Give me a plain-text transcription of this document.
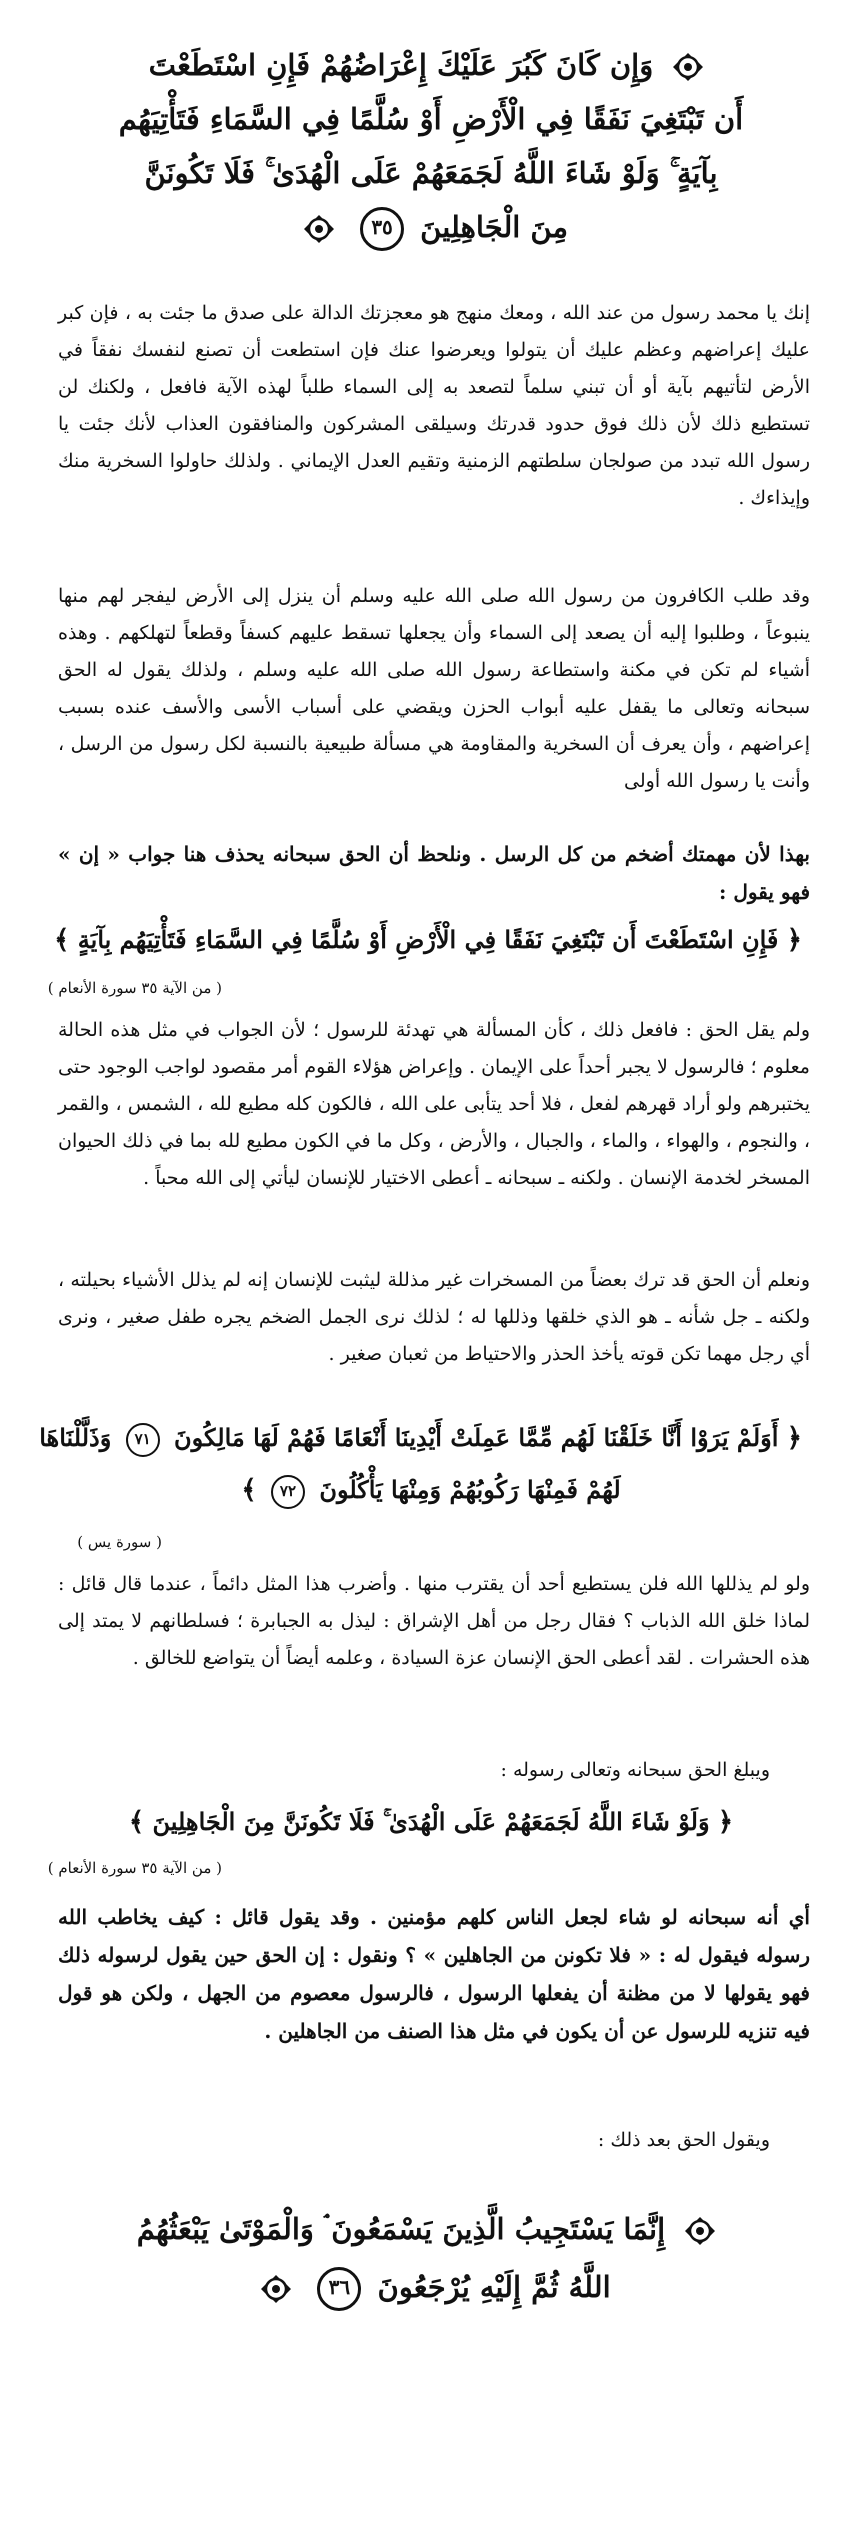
وَإِن كَانَ كَبُرَ عَلَيْكَ إِعْرَاضُهُمْ فَإِنِ اسْتَطَعْتَ
أَن تَبْتَغِيَ نَفَقًا فِي الْأَرْضِ أَوْ سُلَّمًا فِي السَّمَاءِ فَتَأْتِيَهُم
بِآيَةٍ ۚ وَلَوْ شَاءَ اللَّهُ لَجَمَعَهُمْ عَلَى الْهُدَىٰ ۚ فَلَا تَكُونَنَّ
مِنَ الْجَاهِلِينَ ٣٥

إنك يا محمد رسول من عند الله ، ومعك منهج هو معجزتك الدالة على صدق ما جئت به ، فإن كبر عليك إعراضهم وعظم عليك أن يتولوا ويعرضوا عنك فإن استطعت أن تصنع لنفسك نفقاً في الأرض لتأتيهم بآية أو أن تبني سلماً لتصعد به إلى السماء طلباً لهذه الآية فافعل ، ولكنك لن تستطيع ذلك لأن ذلك فوق حدود قدرتك وسيلقى المشركون والمنافقون العذاب لأنك جئت يا رسول الله تبدد من صولجان سلطتهم الزمنية وتقيم العدل الإيماني . ولذلك حاولوا السخرية منك وإيذاءك .

وقد طلب الكافرون من رسول الله صلى الله عليه وسلم أن ينزل إلى الأرض ليفجر لهم منها ينبوعاً ، وطلبوا إليه أن يصعد إلى السماء وأن يجعلها تسقط عليهم كسفاً وقطعاً لتهلكهم . وهذه أشياء لم تكن في مكنة واستطاعة رسول الله صلى الله عليه وسلم ، ولذلك يقول له الحق سبحانه وتعالى ما يقفل عليه أبواب الحزن ويقضي على أسباب الأسى والأسف عنده بسبب إعراضهم ، وأن يعرف أن السخرية والمقاومة هي مسألة طبيعية بالنسبة لكل رسول من الرسل ، وأنت يا رسول الله أولى

بهذا لأن مهمتك أضخم من كل الرسل . ونلحظ أن الحق سبحانه يحذف هنا جواب « إن » فهو يقول :

﴿ فَإِنِ اسْتَطَعْتَ أَن تَبْتَغِيَ نَفَقًا فِي الْأَرْضِ أَوْ سُلَّمًا فِي السَّمَاءِ فَتَأْتِيَهُم بِآيَةٍ ﴾
( من الآية ٣٥ سورة الأنعام )

ولم يقل الحق : فافعل ذلك ، كأن المسألة هي تهدئة للرسول ؛ لأن الجواب في مثل هذه الحالة معلوم ؛ فالرسول لا يجبر أحداً على الإيمان . وإعراض هؤلاء القوم أمر مقصود لواجب الوجود حتى يختبرهم ولو أراد قهرهم لفعل ، فلا أحد يتأبى على الله ، فالكون كله مطيع لله ، الشمس ، والقمر ، والنجوم ، والهواء ، والماء ، والجبال ، والأرض ، وكل ما في الكون مطيع لله بما في ذلك الحيوان المسخر لخدمة الإنسان . ولكنه ـ سبحانه ـ أعطى الاختيار للإنسان ليأتي إلى الله محباً .

ونعلم أن الحق قد ترك بعضاً من المسخرات غير مذللة ليثبت للإنسان إنه لم يذلل الأشياء بحيلته ، ولكنه ـ جل شأنه ـ هو الذي خلقها وذللها له ؛ لذلك نرى الجمل الضخم يجره طفل صغير ، ونرى أي رجل مهما تكن قوته يأخذ الحذر والاحتياط من ثعبان صغير .

﴿ أَوَلَمْ يَرَوْا أَنَّا خَلَقْنَا لَهُم مِّمَّا عَمِلَتْ أَيْدِينَا أَنْعَامًا فَهُمْ لَهَا مَالِكُونَ ٧١ وَذَلَّلْنَاهَا
لَهُمْ فَمِنْهَا رَكُوبُهُمْ وَمِنْهَا يَأْكُلُونَ ٧٢ ﴾
( سورة يس )

ولو لم يذللها الله فلن يستطيع أحد أن يقترب منها . وأضرب هذا المثل دائماً ، عندما قال قائل : لماذا خلق الله الذباب ؟ فقال رجل من أهل الإشراق : ليذل به الجبابرة ؛ فسلطانهم لا يمتد إلى هذه الحشرات . لقد أعطى الحق الإنسان عزة السيادة ، وعلمه أيضاً أن يتواضع للخالق .

ويبلغ الحق سبحانه وتعالى رسوله :

﴿ وَلَوْ شَاءَ اللَّهُ لَجَمَعَهُمْ عَلَى الْهُدَىٰ ۚ فَلَا تَكُونَنَّ مِنَ الْجَاهِلِينَ ﴾
( من الآية ٣٥ سورة الأنعام )

أي أنه سبحانه لو شاء لجعل الناس كلهم مؤمنين . وقد يقول قائل : كيف يخاطب الله رسوله فيقول له : « فلا تكونن من الجاهلين » ؟ ونقول : إن الحق حين يقول لرسوله ذلك فهو يقولها لا من مظنة أن يفعلها الرسول ، فالرسول معصوم من الجهل ، ولكن هو قول فيه تنزيه للرسول عن أن يكون في مثل هذا الصنف من الجاهلين .

ويقول الحق بعد ذلك :

إِنَّمَا يَسْتَجِيبُ الَّذِينَ يَسْمَعُونَ ۘ وَالْمَوْتَىٰ يَبْعَثُهُمُ
اللَّهُ ثُمَّ إِلَيْهِ يُرْجَعُونَ ٣٦
